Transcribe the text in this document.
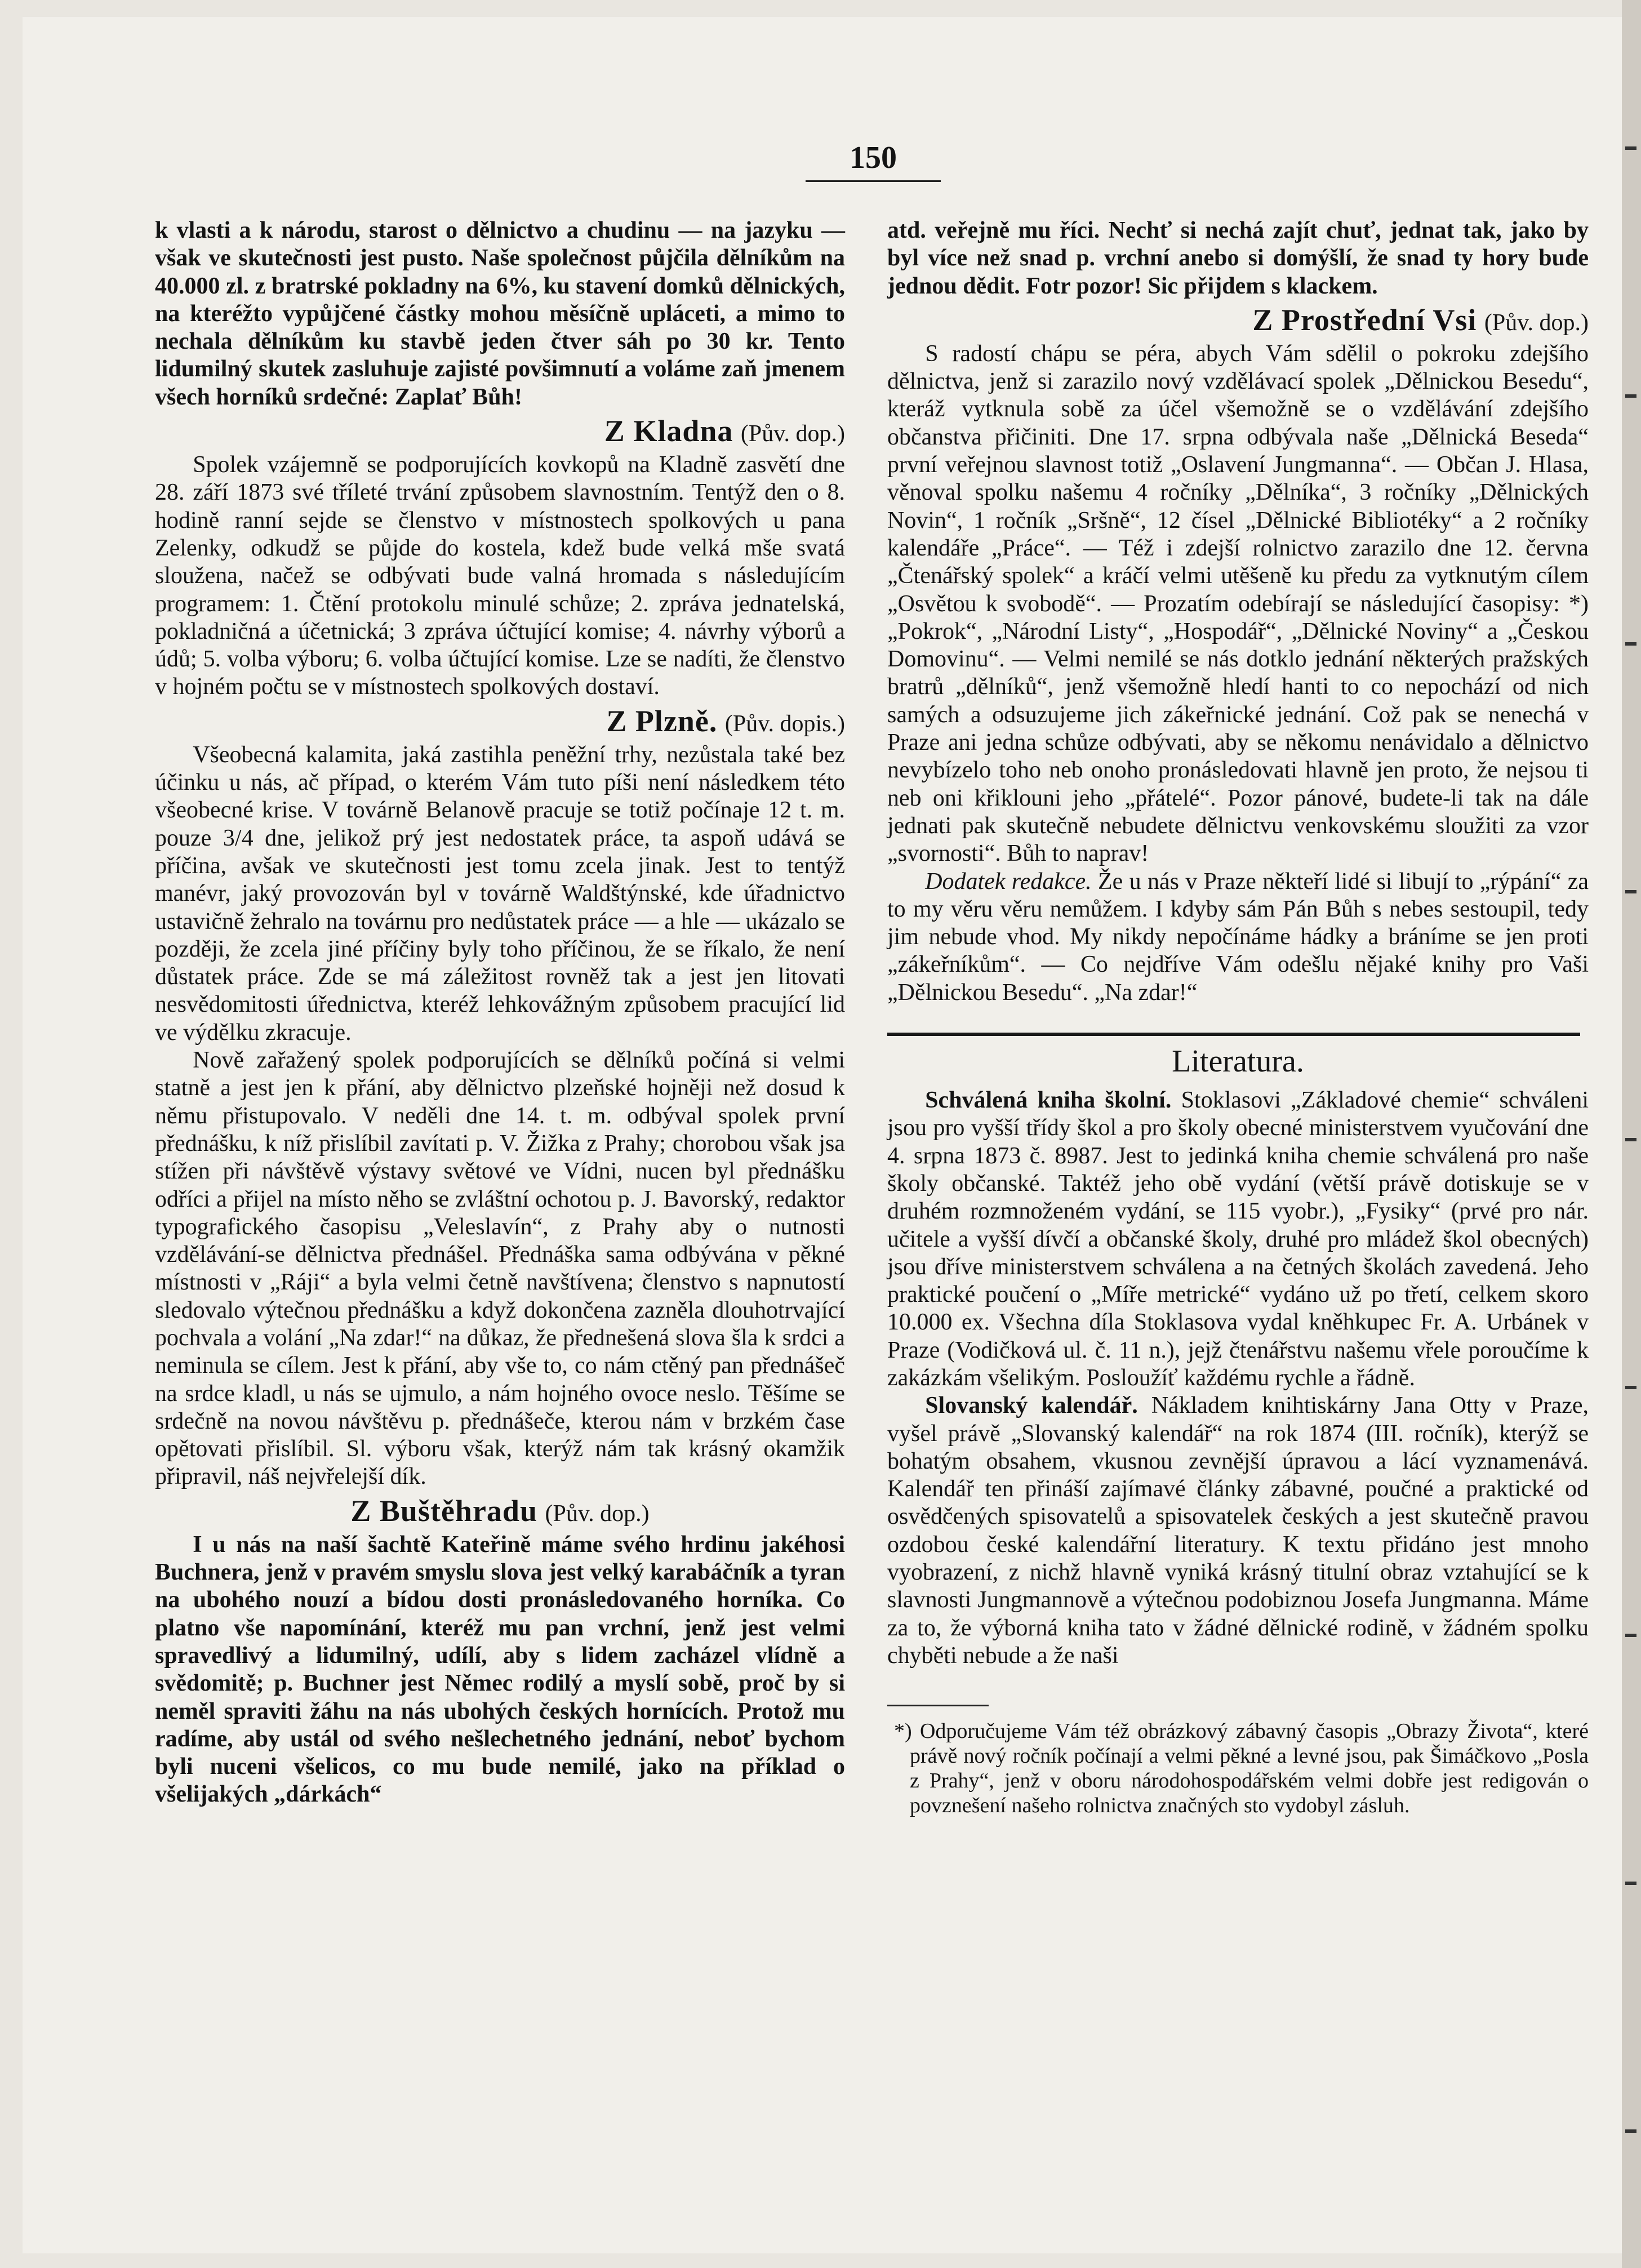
150

k vlasti a k národu, starost o dělnictvo a chudinu — na jazyku — však ve skutečnosti jest pusto. Naše společnost půjčila dělníkům na 40.000 zl. z bratrské pokladny na 6%, ku stavení domků dělnických, na kteréžto vypůjčené částky mohou měsíčně upláceti, a mimo to nechala dělníkům ku stavbě jeden čtver sáh po 30 kr. Tento lidumilný skutek zasluhuje zajisté povšimnutí a voláme zaň jmenem všech horníků srdečné: Zaplať Bůh!

Z Kladna (Pův. dop.)

Spolek vzájemně se podporujících kovkopů na Kladně zasvětí dne 28. září 1873 své tříleté trvání způsobem slavnostním. Tentýž den o 8. hodině ranní sejde se členstvo v místnostech spolkových u pana Zelenky, odkudž se půjde do kostela, kdež bude velká mše svatá sloužena, načež se odbývati bude valná hromada s následujícím programem: 1. Čtění protokolu minulé schůze; 2. zpráva jednatelská, pokladničná a účetnická; 3 zpráva účtující komise; 4. návrhy výborů a údů; 5. volba výboru; 6. volba účtující komise. Lze se nadíti, že členstvo v hojném počtu se v místnostech spolkových dostaví.

Z Plzně. (Pův. dopis.)

Všeobecná kalamita, jaká zastihla peněžní trhy, nezůstala také bez účinku u nás, ač případ, o kterém Vám tuto píši není následkem této všeobecné krise. V továrně Belanově pracuje se totiž počínaje 12 t. m. pouze 3/4 dne, jelikož prý jest nedostatek práce, ta aspoň udává se příčina, avšak ve skutečnosti jest tomu zcela jinak. Jest to tentýž manévr, jaký provozován byl v továrně Waldštýnské, kde úřadnictvo ustavičně žehralo na továrnu pro nedůstatek práce — a hle — ukázalo se později, že zcela jiné příčiny byly toho příčinou, že se říkalo, že není důstatek práce. Zde se má záležitost rovněž tak a jest jen litovati nesvědomitosti úřednictva, kteréž lehkovážným způsobem pracující lid ve výdělku zkracuje.

Nově zařažený spolek podporujících se dělníků počíná si velmi statně a jest jen k přání, aby dělnictvo plzeňské hojněji než dosud k němu přistupovalo. V neděli dne 14. t. m. odbýval spolek první přednášku, k níž přislíbil zavítati p. V. Žižka z Prahy; chorobou však jsa stížen při návštěvě výstavy světové ve Vídni, nucen byl přednášku odříci a přijel na místo něho se zvláštní ochotou p. J. Bavorský, redaktor typografického časopisu „Veleslavín“, z Prahy aby o nutnosti vzdělávání-se dělnictva přednášel. Přednáška sama odbývána v pěkné místnosti v „Ráji“ a byla velmi četně navštívena; členstvo s napnutostí sledovalo výtečnou přednášku a když dokončena zazněla dlouhotrvající pochvala a volání „Na zdar!“ na důkaz, že přednešená slova šla k srdci a neminula se cílem. Jest k přání, aby vše to, co nám ctěný pan přednášeč na srdce kladl, u nás se ujmulo, a nám hojného ovoce neslo. Těšíme se srdečně na novou návštěvu p. přednášeče, kterou nám v brzkém čase opětovati přislíbil. Sl. výboru však, kterýž nám tak krásný okamžik připravil, náš nejvřelejší dík.

Z Buštěhradu (Pův. dop.)

I u nás na naší šachtě Kateřině máme svého hrdinu jakéhosi Buchnera, jenž v pravém smyslu slova jest velký karabáčník a tyran na ubohého nouzí a bídou dosti pronásledovaného horníka. Co platno vše napomínání, kteréž mu pan vrchní, jenž jest velmi spravedlivý a lidumilný, udílí, aby s lidem zacházel vlídně a svědomitě; p. Buchner jest Němec rodilý a myslí sobě, proč by si neměl spraviti žáhu na nás ubohých českých hornících. Protož mu radíme, aby ustál od svého nešlechetného jednání, neboť bychom byli nuceni všelicos, co mu bude nemilé, jako na příklad o všelijakých „dárkách“

atd. veřejně mu říci. Nechť si nechá zajít chuť, jednat tak, jako by byl více než snad p. vrchní anebo si domýšlí, že snad ty hory bude jednou dědit. Fotr pozor! Sic přijdem s klackem.

Z Prostřední Vsi (Pův. dop.)

S radostí chápu se péra, abych Vám sdělil o pokroku zdejšího dělnictva, jenž si zarazilo nový vzdělávací spolek „Dělnickou Besedu“, kteráž vytknula sobě za účel všemožně se o vzdělávání zdejšího občanstva přičiniti. Dne 17. srpna odbývala naše „Dělnická Beseda“ první veřejnou slavnost totiž „Oslavení Jungmanna“. — Občan J. Hlasa, věnoval spolku našemu 4 ročníky „Dělníka“, 3 ročníky „Dělnických Novin“, 1 ročník „Sršně“, 12 čísel „Dělnické Bibliotéky“ a 2 ročníky kalendáře „Práce“. — Též i zdejší rolnictvo zarazilo dne 12. června „Čtenářský spolek“ a kráčí velmi utěšeně ku předu za vytknutým cílem „Osvětou k svobodě“. — Prozatím odebírají se následující časopisy: *) „Pokrok“, „Národní Listy“, „Hospodář“, „Dělnické Noviny“ a „Českou Domovinu“. — Velmi nemilé se nás dotklo jednání některých pražských bratrů „dělníků“, jenž všemožně hledí hanti to co nepochází od nich samých a odsuzujeme jich zákeřnické jednání. Což pak se nenechá v Praze ani jedna schůze odbývati, aby se někomu nenávidalo a dělnictvo nevybízelo toho neb onoho pronásledovati hlavně jen proto, že nejsou ti neb oni křiklouni jeho „přátelé“. Pozor pánové, budete-li tak na dále jednati pak skutečně nebudete dělnictvu venkovskému sloužiti za vzor „svornosti“. Bůh to naprav!

Dodatek redakce. Že u nás v Praze někteří lidé si libují to „rýpání“ za to my věru věru nemůžem. I kdyby sám Pán Bůh s nebes sestoupil, tedy jim nebude vhod. My nikdy nepočínáme hádky a bráníme se jen proti „zákeřníkům“. — Co nejdříve Vám odešlu nějaké knihy pro Vaši „Dělnickou Besedu“. „Na zdar!“

Literatura.

Schválená kniha školní. Stoklasovi „Základové chemie“ schváleni jsou pro vyšší třídy škol a pro školy obecné ministerstvem vyučování dne 4. srpna 1873 č. 8987. Jest to jedinká kniha chemie schválená pro naše školy občanské. Taktéž jeho obě vydání (větší právě dotiskuje se v druhém rozmnoženém vydání, se 115 vyobr.), „Fysiky“ (prvé pro nár. učitele a vyšší dívčí a občanské školy, druhé pro mládež škol obecných) jsou dříve ministerstvem schválena a na četných školách zavedená. Jeho praktické poučení o „Míře metrické“ vydáno už po třetí, celkem skoro 10.000 ex. Všechna díla Stoklasova vydal kněhkupec Fr. A. Urbánek v Praze (Vodičková ul. č. 11 n.), jejž čtenářstvu našemu vřele poroučíme k zakázkám všelikým. Posloužíť každému rychle a řádně.

Slovanský kalendář. Nákladem knihtiskárny Jana Otty v Praze, vyšel právě „Slovanský kalendář“ na rok 1874 (III. ročník), kterýž se bohatým obsahem, vkusnou zevnější úpravou a lácí vyznamenává. Kalendář ten přináší zajímavé články zábavné, poučné a praktické od osvědčených spisovatelů a spisovatelek českých a jest skutečně pravou ozdobou české kalendářní literatury. K textu přidáno jest mnoho vyobrazení, z nichž hlavně vyniká krásný titulní obraz vztahující se k slavnosti Jungmannově a výtečnou podobiznou Josefa Jungmanna. Máme za to, že výborná kniha tato v žádné dělnické rodině, v žádném spolku chyběti nebude a že naši

*) Odporučujeme Vám též obrázkový zábavný časopis „Obrazy Života“, které právě nový ročník počínají a velmi pěkné a levné jsou, pak Šimáčkovo „Posla z Prahy“, jenž v oboru národohospodářském velmi dobře jest redigován o povznešení našeho rolnictva značných sto vydobyl zásluh.
